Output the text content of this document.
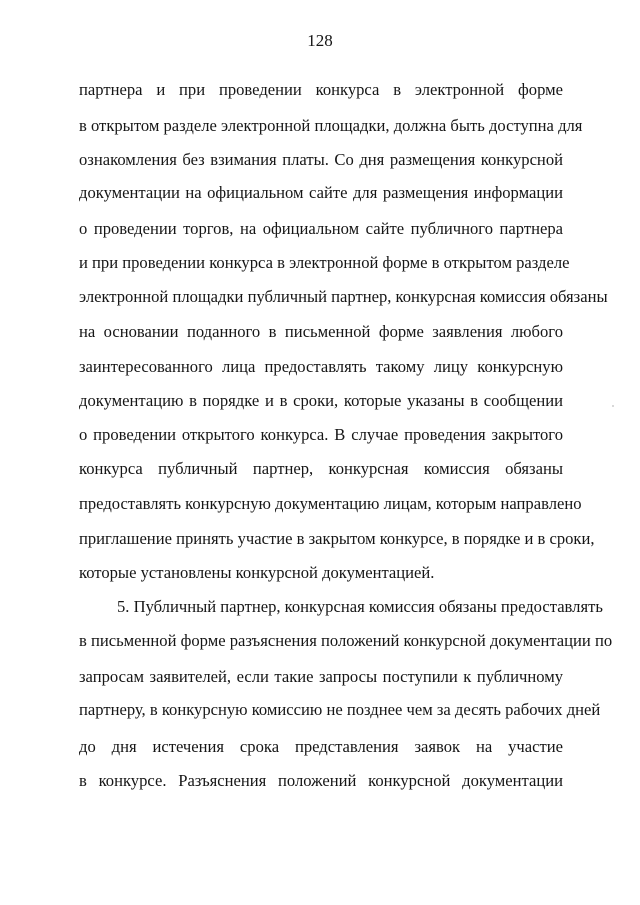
128
партнера и при проведении конкурса в электронной форме
в открытом разделе электронной площадки, должна быть доступна для
ознакомления без взимания платы. Со дня размещения конкурсной
документации на официальном сайте для размещения информации
о проведении торгов, на официальном сайте публичного партнера
и при проведении конкурса в электронной форме в открытом разделе
электронной площадки публичный партнер, конкурсная комиссия обязаны
на основании поданного в письменной форме заявления любого
заинтересованного лица предоставлять такому лицу конкурсную
документацию в порядке и в сроки, которые указаны в сообщении
о проведении открытого конкурса. В случае проведения закрытого
конкурса публичный партнер, конкурсная комиссия обязаны
предоставлять конкурсную документацию лицам, которым направлено
приглашение принять участие в закрытом конкурсе, в порядке и в сроки,
которые установлены конкурсной документацией.
5. Публичный партнер, конкурсная комиссия обязаны предоставлять
в письменной форме разъяснения положений конкурсной документации по
запросам заявителей, если такие запросы поступили к публичному
партнеру, в конкурсную комиссию не позднее чем за десять рабочих дней
до дня истечения срока представления заявок на участие
в конкурсе. Разъяснения положений конкурсной документации
